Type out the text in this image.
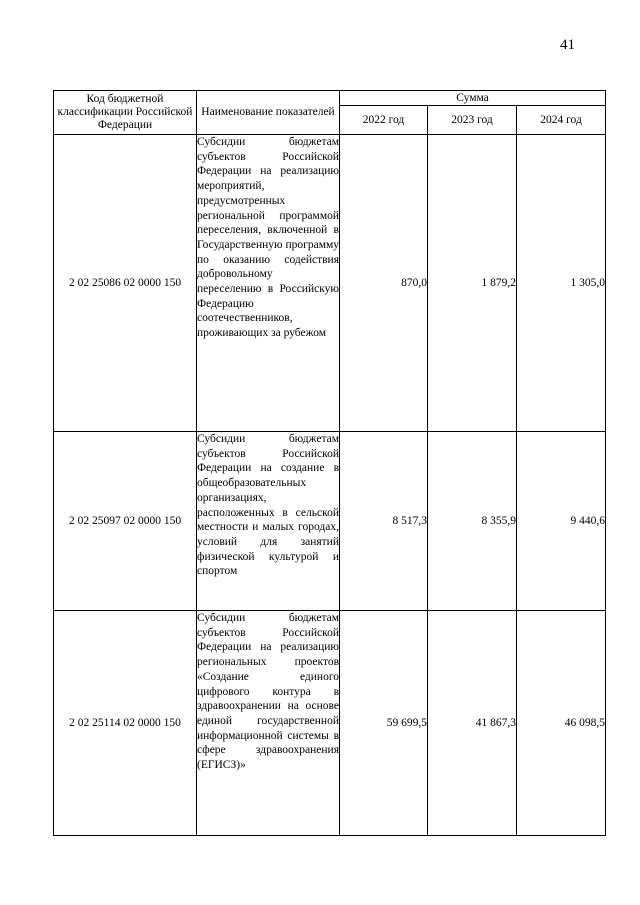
41
Код бюджетной классификации Российской Федерации	Наименование показателей	Сумма		
		2022 год	2023 год	2024 год
2 02 25086 02 0000 150	Субсидии бюджетам субъектов Российской Федерации на реализацию мероприятий, предусмотренных региональной программой переселения, включенной в Государственную программу по оказанию содействия добровольному переселению в Российскую Федерацию соотечественников, проживающих за рубежом	870,0	1 879,2	1 305,0
2 02 25097 02 0000 150	Субсидии бюджетам субъектов Российской Федерации на создание в общеобразовательных организациях, расположенных в сельской местности и малых городах, условий для занятий физической культурой и спортом	8 517,3	8 355,9	9 440,6
2 02 25114 02 0000 150	Субсидии бюджетам субъектов Российской Федерации на реализацию региональных проектов «Создание единого цифрового контура в здравоохранении на основе единой государственной информационной системы в сфере здравоохранения (ЕГИСЗ)»	59 699,5	41 867,3	46 098,5
